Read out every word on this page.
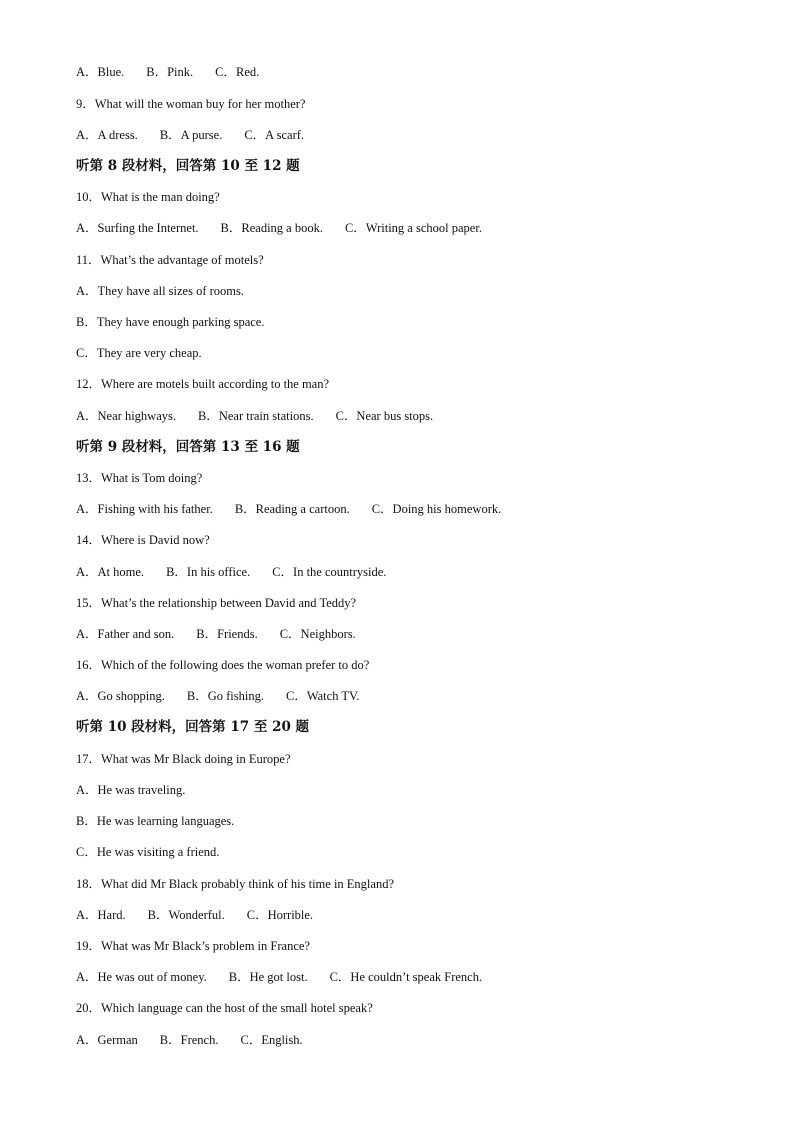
A．Blue. B．Pink. C．Red.
9．What will the woman buy for her mother?
A．A dress. B．A purse. C．A scarf.
听第 8 段材料，回答第 10 至 12 题
10．What is the man doing?
A．Surfing the Internet. B．Reading a book. C．Writing a school paper.
11．What’s the advantage of motels?
A．They have all sizes of rooms.
B．They have enough parking space.
C．They are very cheap.
12．Where are motels built according to the man?
A．Near highways. B．Near train stations. C．Near bus stops.
听第 9 段材料，回答第 13 至 16 题
13．What is Tom doing?
A．Fishing with his father. B．Reading a cartoon. C．Doing his homework.
14．Where is David now?
A．At home. B．In his office. C．In the countryside.
15．What’s the relationship between David and Teddy?
A．Father and son. B．Friends. C．Neighbors.
16．Which of the following does the woman prefer to do?
A．Go shopping. B．Go fishing. C．Watch TV.
听第 10 段材料，回答第 17 至 20 题
17．What was Mr Black doing in Europe?
A．He was traveling.
B．He was learning languages.
C．He was visiting a friend.
18．What did Mr Black probably think of his time in England?
A．Hard. B．Wonderful. C．Horrible.
19．What was Mr Black’s problem in France?
A．He was out of money. B．He got lost. C．He couldn’t speak French.
20．Which language can the host of the small hotel speak?
A．German B．French. C．English.
